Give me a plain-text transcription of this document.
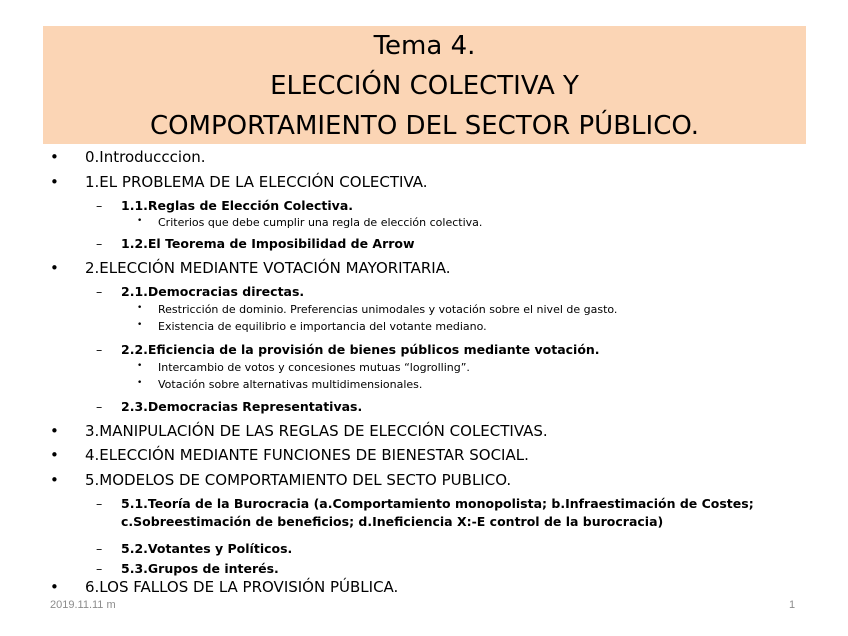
Tema 4.
ELECCIÓN COLECTIVA Y
COMPORTAMIENTO DEL SECTOR PÚBLICO.
• 0.Introducccion.
• 1.EL PROBLEMA DE LA ELECCIÓN COLECTIVA.
– 1.1.Reglas de Elección Colectiva.
• Criterios que debe cumplir una regla de elección colectiva.
– 1.2.El Teorema de Imposibilidad de Arrow
• 2.ELECCIÓN MEDIANTE VOTACIÓN MAYORITARIA.
– 2.1.Democracias directas.
• Restricción de dominio. Preferencias unimodales y votación sobre el nivel de gasto.
• Existencia de equilibrio e importancia del votante mediano.
– 2.2.Eficiencia de la provisión de bienes públicos mediante votación.
• Intercambio de votos y concesiones mutuas “logrolling”.
• Votación sobre alternativas multidimensionales.
– 2.3.Democracias Representativas.
• 3.MANIPULACIÓN DE LAS REGLAS DE ELECCIÓN COLECTIVAS.
• 4.ELECCIÓN MEDIANTE FUNCIONES DE BIENESTAR SOCIAL.
• 5.MODELOS DE COMPORTAMIENTO DEL SECTO PUBLICO.
– 5.1.Teoría de la Burocracia (a.Comportamiento monopolista; b.Infraestimación de Costes;
c.Sobreestimación de beneficios; d.Ineficiencia X:-E control de la burocracia)
– 5.2.Votantes y Políticos.
– 5.3.Grupos de interés.
• 6.LOS FALLOS DE LA PROVISIÓN PÚBLICA.
2019.11.11 m	1
